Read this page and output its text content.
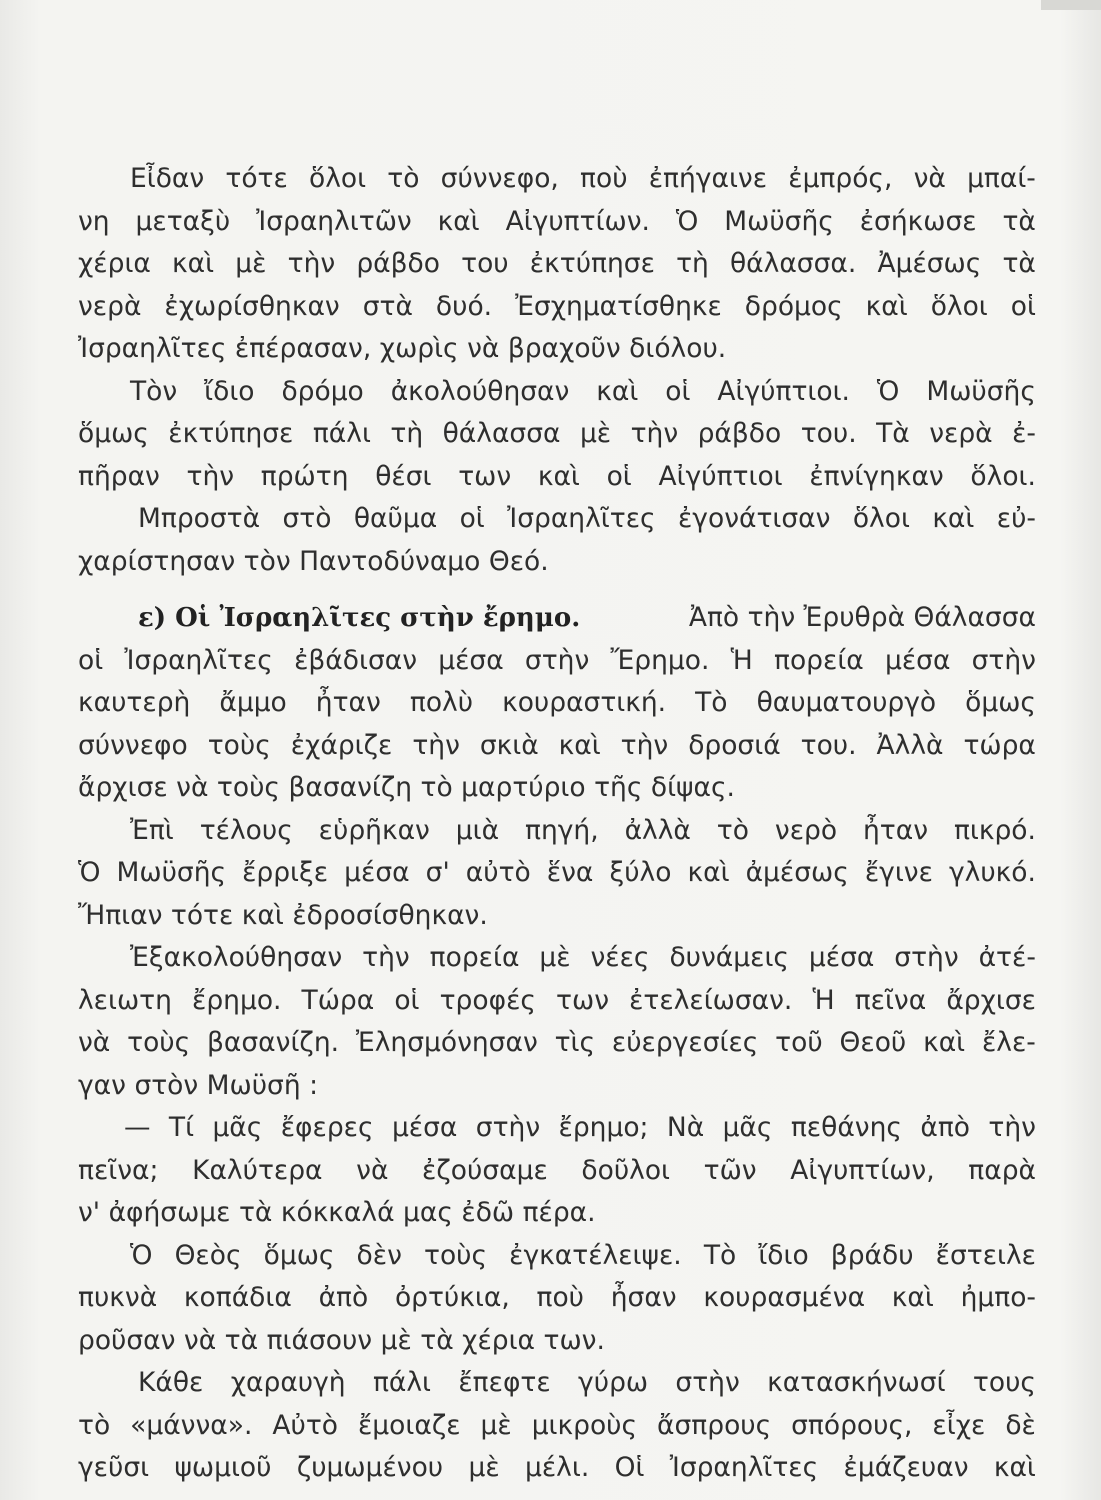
Εἶδαν τότε ὅλοι τὸ σύννεφο, ποὺ ἐπήγαινε ἐμπρός, νὰ μπαί-
νη μεταξὺ Ἰσραηλιτῶν καὶ Αἰγυπτίων. Ὁ Μωϋσῆς ἐσήκωσε τὰ
χέρια καὶ μὲ τὴν ράβδο του ἐκτύπησε τὴ θάλασσα. Ἀμέσως τὰ
νερὰ ἐχωρίσθηκαν στὰ δυό. Ἐσχηματίσθηκε δρόμος καὶ ὅλοι οἱ
Ἰσραηλῖτες ἐπέρασαν, χωρὶς νὰ βραχοῦν διόλου.
Τὸν ἴδιο δρόμο ἀκολούθησαν καὶ οἱ Αἰγύπτιοι. Ὁ Μωϋσῆς
ὅμως ἐκτύπησε πάλι τὴ θάλασσα μὲ τὴν ράβδο του. Τὰ νερὰ ἐ-
πῆραν τὴν πρώτη θέσι των καὶ οἱ Αἰγύπτιοι ἐπνίγηκαν ὅλοι.
Μπροστὰ στὸ θαῦμα οἱ Ἰσραηλῖτες ἐγονάτισαν ὅλοι καὶ εὐ-
χαρίστησαν τὸν Παντοδύναμο Θεό.
ε) Οἱ Ἰσραηλῖτες στὴν ἔρημο.	Ἀπὸ τὴν Ἐρυθρὰ Θάλασσα
οἱ Ἰσραηλῖτες ἐβάδισαν μέσα στὴν Ἔρημο. Ἡ πορεία μέσα στὴν
καυτερὴ ἄμμο ἦταν πολὺ κουραστική. Τὸ θαυματουργὸ ὅμως
σύννεφο τοὺς ἐχάριζε τὴν σκιὰ καὶ τὴν δροσιά του. Ἀλλὰ τώρα
ἄρχισε νὰ τοὺς βασανίζη τὸ μαρτύριο τῆς δίψας.
Ἐπὶ τέλους εὑρῆκαν μιὰ πηγή, ἀλλὰ τὸ νερὸ ἦταν πικρό.
Ὁ Μωϋσῆς ἔρριξε μέσα σ' αὐτὸ ἕνα ξύλο καὶ ἀμέσως ἔγινε γλυκό.
Ἤπιαν τότε καὶ ἐδροσίσθηκαν.
Ἐξακολούθησαν τὴν πορεία μὲ νέες δυνάμεις μέσα στὴν ἀτέ-
λειωτη ἔρημο. Τώρα οἱ τροφές των ἐτελείωσαν. Ἡ πεῖνα ἄρχισε
νὰ τοὺς βασανίζη. Ἐλησμόνησαν τὶς εὐεργεσίες τοῦ Θεοῦ καὶ ἔλε-
γαν στὸν Μωϋσῆ :
— Τί μᾶς ἔφερες μέσα στὴν ἔρημο; Νὰ μᾶς πεθάνης ἀπὸ τὴν
πεῖνα; Καλύτερα νὰ ἐζούσαμε δοῦλοι τῶν Αἰγυπτίων, παρὰ
ν' ἀφήσωμε τὰ κόκκαλά μας ἐδῶ πέρα.
Ὁ Θεὸς ὅμως δὲν τοὺς ἐγκατέλειψε. Τὸ ἴδιο βράδυ ἔστειλε
πυκνὰ κοπάδια ἀπὸ ὀρτύκια, ποὺ ἦσαν κουρασμένα καὶ ἠμπο-
ροῦσαν νὰ τὰ πιάσουν μὲ τὰ χέρια των.
Κάθε χαραυγὴ πάλι ἔπεφτε γύρω στὴν κατασκήνωσί τους
τὸ «μάννα». Αὐτὸ ἔμοιαζε μὲ μικροὺς ἄσπρους σπόρους, εἶχε δὲ
γεῦσι ψωμιοῦ ζυμωμένου μὲ μέλι. Οἱ Ἰσραηλῖτες ἐμάζευαν καὶ
